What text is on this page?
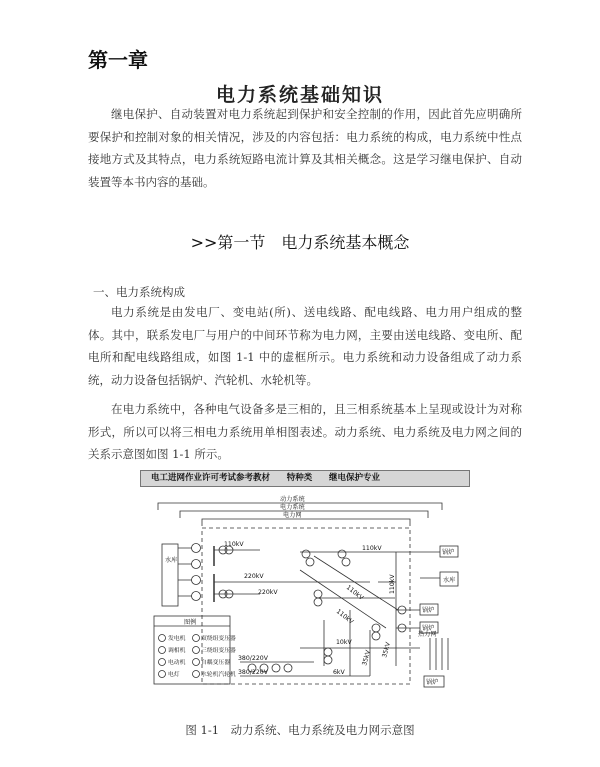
第一章
电力系统基础知识

继电保护、自动装置对电力系统起到保护和安全控制的作用，因此首先应明确所要保护和控制对象的相关情况，涉及的内容包括：电力系统的构成，电力系统中性点接地方式及其特点，电力系统短路电流计算及其相关概念。这是学习继电保护、自动装置等本书内容的基础。

>>第一节　电力系统基本概念
一、电力系统构成

电力系统是由发电厂、变电站(所)、送电线路、配电线路、电力用户组成的整体。其中，联系发电厂与用户的中间环节称为电力网，主要由送电线路、变电所、配电所和配电线路组成，如图 1-1 中的虚框所示。电力系统和动力设备组成了动力系统，动力设备包括锅炉、汽轮机、水轮机等。

在电力系统中，各种电气设备多是三相的，且三相系统基本上呈现或设计为对称形式，所以可以将三相电力系统用单相图表述。动力系统、电力系统及电力网之间的关系示意图如图 1-1 所示。

电工进网作业许可考试参考教材 特种类 继电保护专业
动力系统
电力系统
电力网
水库
110kV
220kV
110kV
220kV	110kV
110kV
110kV
10kV
35kV 35kV
6kV
380/220V
380/220V
锅炉
水库
锅炉
锅炉
热力网
锅炉
图例
发电机	双绕组变压器
调相机	三绕组变压器
电动机	自耦变压器
电灯	水轮机汽轮机
图 1-1　动力系统、电力系统及电力网示意图
